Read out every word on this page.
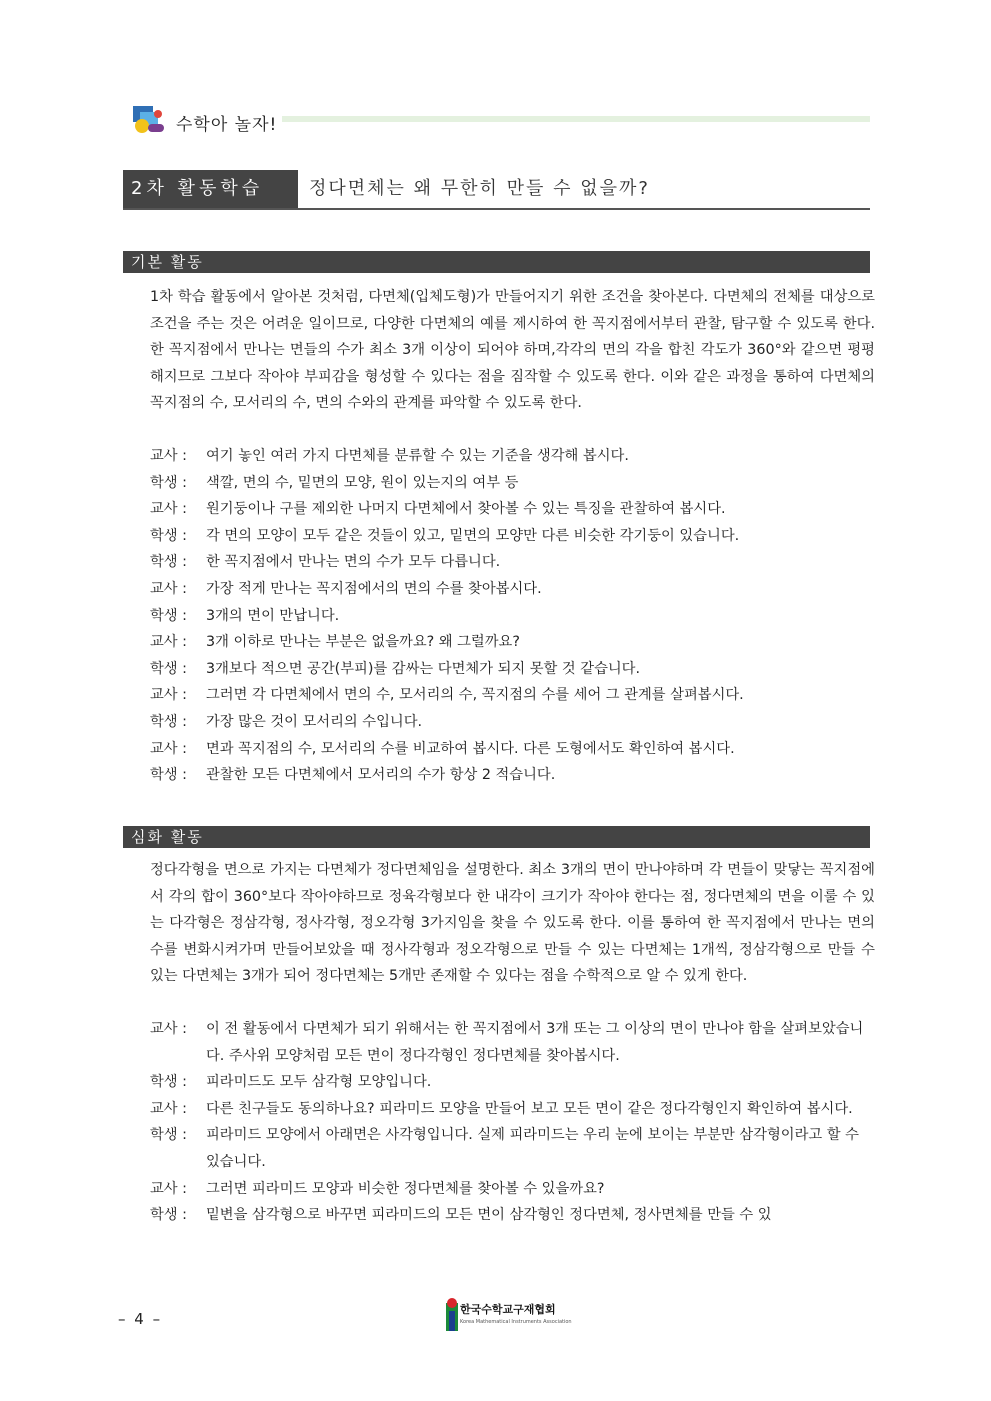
수학아 놀자!
2차 활동학습	정다면체는 왜 무한히 만들 수 없을까?
기본 활동

1차 학습 활동에서 알아본 것처럼, 다면체(입체도형)가 만들어지기 위한 조건을 찾아본다. 다면체의 전체를 대상으로 조건을 주는 것은 어려운 일이므로, 다양한 다면체의 예를 제시하여 한 꼭지점에서부터 관찰, 탐구할 수 있도록 한다. 한 꼭지점에서 만나는 면들의 수가 최소 3개 이상이 되어야 하며,각각의 면의 각을 합친 각도가 360°와 같으면 평평해지므로 그보다 작아야 부피감을 형성할 수 있다는 점을 짐작할 수 있도록 한다. 이와 같은 과정을 통하여 다면체의 꼭지점의 수, 모서리의 수, 면의 수와의 관계를 파악할 수 있도록 한다.

교사 :	여기 놓인 여러 가지 다면체를 분류할 수 있는 기준을 생각해 봅시다.
학생 :	색깔, 면의 수, 밑면의 모양, 원이 있는지의 여부 등
교사 :	원기둥이나 구를 제외한 나머지 다면체에서 찾아볼 수 있는 특징을 관찰하여 봅시다.
학생 :	각 면의 모양이 모두 같은 것들이 있고, 밑면의 모양만 다른 비슷한 각기둥이 있습니다.
학생 :	한 꼭지점에서 만나는 면의 수가 모두 다릅니다.
교사 :	가장 적게 만나는 꼭지점에서의 면의 수를 찾아봅시다.
학생 :	3개의 면이 만납니다.
교사 :	3개 이하로 만나는 부분은 없을까요? 왜 그럴까요?
학생 :	3개보다 적으면 공간(부피)를 감싸는 다면체가 되지 못할 것 같습니다.
교사 :	그러면 각 다면체에서 면의 수, 모서리의 수, 꼭지점의 수를 세어 그 관계를 살펴봅시다.
학생 :	가장 많은 것이 모서리의 수입니다.
교사 :	면과 꼭지점의 수, 모서리의 수를 비교하여 봅시다. 다른 도형에서도 확인하여 봅시다.
학생 :	관찰한 모든 다면체에서 모서리의 수가 항상 2 적습니다.
심화 활동

정다각형을 면으로 가지는 다면체가 정다면체임을 설명한다. 최소 3개의 면이 만나야하며 각 면들이 맞닿는 꼭지점에서 각의 합이 360°보다 작아야하므로 정육각형보다 한 내각이 크기가 작아야 한다는 점, 정다면체의 면을 이룰 수 있는 다각형은 정삼각형, 정사각형, 정오각형 3가지임을 찾을 수 있도록 한다. 이를 통하여 한 꼭지점에서 만나는 면의 수를 변화시켜가며 만들어보았을 때 정사각형과 정오각형으로 만들 수 있는 다면체는 1개씩, 정삼각형으로 만들 수 있는 다면체는 3개가 되어 정다면체는 5개만 존재할 수 있다는 점을 수학적으로 알 수 있게 한다.

교사 :	이 전 활동에서 다면체가 되기 위해서는 한 꼭지점에서 3개 또는 그 이상의 면이 만나야 함을 살펴보았습니다. 주사위 모양처럼 모든 면이 정다각형인 정다면체를 찾아봅시다.
학생 :	피라미드도 모두 삼각형 모양입니다.
교사 :	다른 친구들도 동의하나요? 피라미드 모양을 만들어 보고 모든 면이 같은 정다각형인지 확인하여 봅시다.
학생 :	피라미드 모양에서 아래면은 사각형입니다. 실제 피라미드는 우리 눈에 보이는 부분만 삼각형이라고 할 수 있습니다.
교사 :	그러면 피라미드 모양과 비슷한 정다면체를 찾아볼 수 있을까요?
학생 :	밑변을 삼각형으로 바꾸면 피라미드의 모든 면이 삼각형인 정다면체, 정사면체를 만들 수 있
– 4 –
한국수학교구재협회
Korea Mathematical Instruments Association
